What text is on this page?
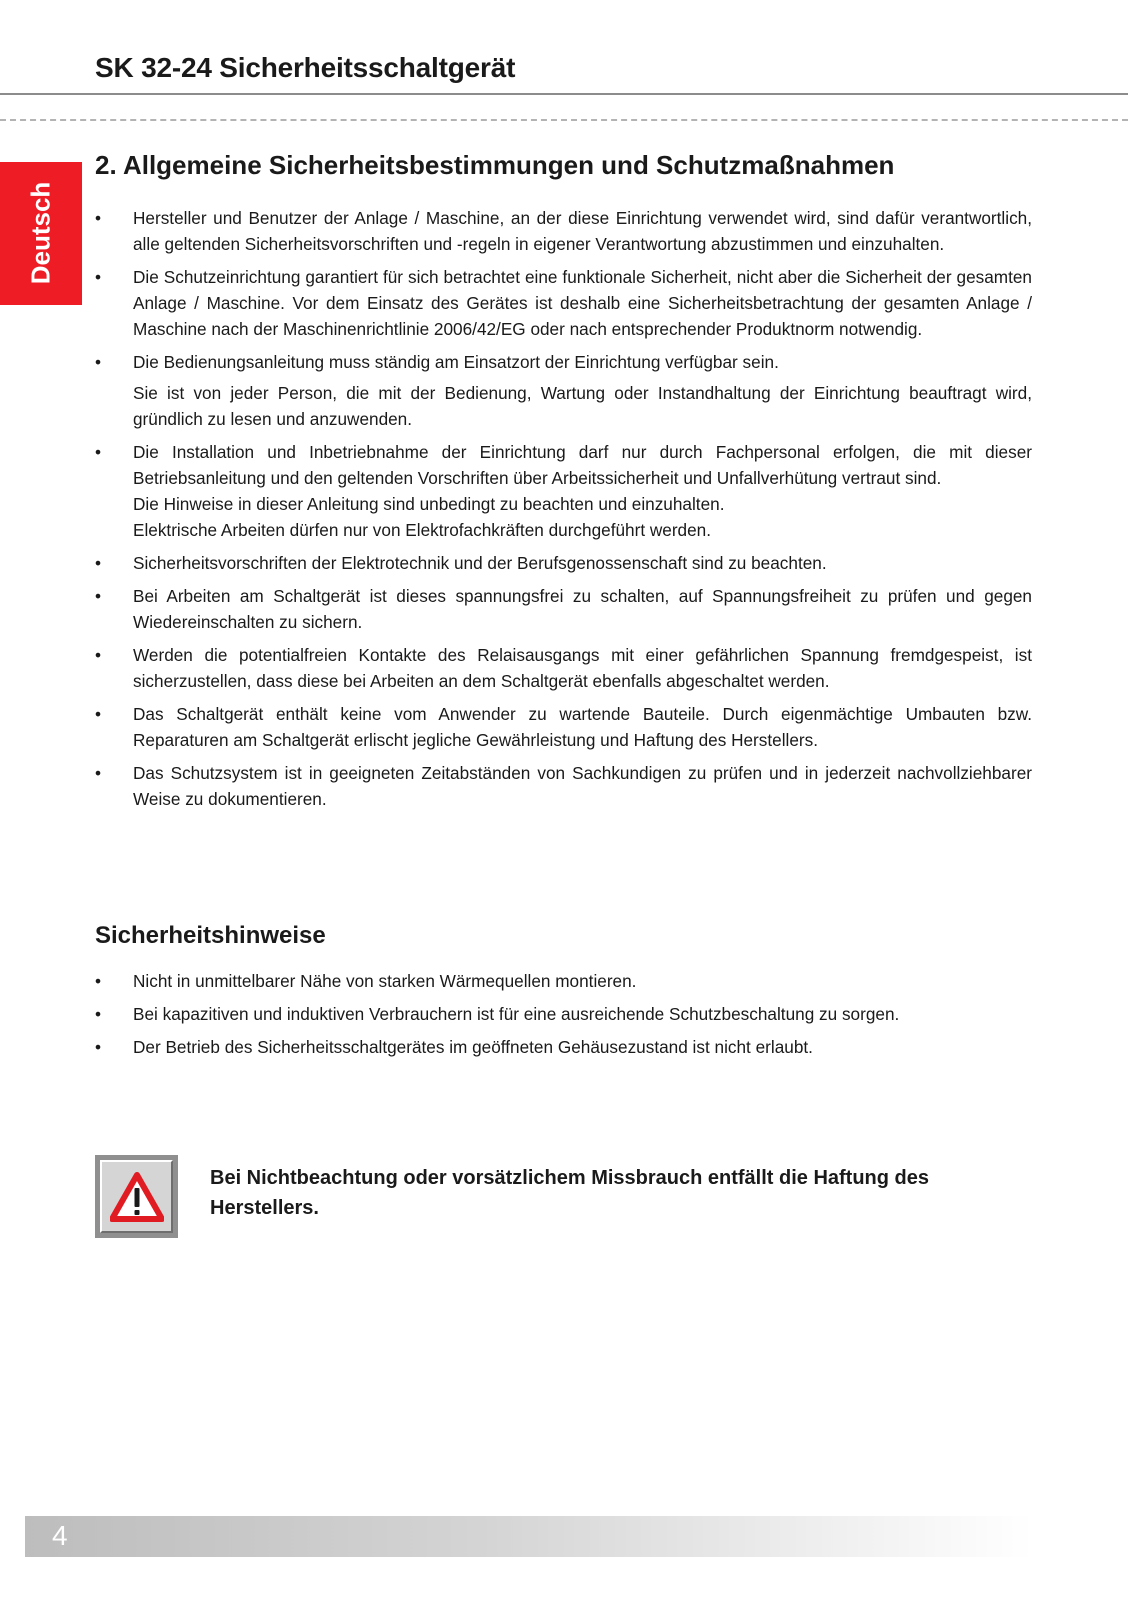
SK 32-24 Sicherheitsschaltgerät
Deutsch
2. Allgemeine Sicherheitsbestimmungen und Schutzmaßnahmen
• Hersteller und Benutzer der Anlage / Maschine, an der diese Einrichtung verwendet wird, sind dafür verantwortlich, alle geltenden Sicherheitsvorschriften und -regeln in eigener Verantwortung abzustimmen und einzuhalten.

• Die Schutzeinrichtung garantiert für sich betrachtet eine funktionale Sicherheit, nicht aber die Sicherheit der gesamten Anlage / Maschine. Vor dem Einsatz des Gerätes ist deshalb eine Sicherheitsbetrachtung der gesamten Anlage / Maschine nach der Maschinenrichtlinie 2006/42/EG oder nach entsprechender Produktnorm notwendig.

• Die Bedienungsanleitung muss ständig am Einsatzort der Einrichtung verfügbar sein.

Sie ist von jeder Person, die mit der Bedienung, Wartung oder Instandhaltung der Einrichtung beauftragt wird, gründlich zu lesen und anzuwenden.

• Die Installation und Inbetriebnahme der Einrichtung darf nur durch Fachpersonal erfolgen, die mit dieser Betriebsanleitung und den geltenden Vorschriften über Arbeitssicherheit und Unfallverhütung vertraut sind.

Die Hinweise in dieser Anleitung sind unbedingt zu beachten und einzuhalten.

Elektrische Arbeiten dürfen nur von Elektrofachkräften durchgeführt werden.

• Sicherheitsvorschriften der Elektrotechnik und der Berufsgenossenschaft sind zu beachten.

• Bei Arbeiten am Schaltgerät ist dieses spannungsfrei zu schalten, auf Spannungsfreiheit zu prüfen und gegen Wiedereinschalten zu sichern.

• Werden die potentialfreien Kontakte des Relaisausgangs mit einer gefährlichen Spannung fremdgespeist, ist sicherzustellen, dass diese bei Arbeiten an dem Schaltgerät ebenfalls abgeschaltet werden.

• Das Schaltgerät enthält keine vom Anwender zu wartende Bauteile. Durch eigenmächtige Umbauten bzw. Reparaturen am Schaltgerät erlischt jegliche Gewährleistung und Haftung des Herstellers.

• Das Schutzsystem ist in geeigneten Zeitabständen von Sachkundigen zu prüfen und in jederzeit nachvollziehbarer Weise zu dokumentieren.

Sicherheitshinweise
• Nicht in unmittelbarer Nähe von starken Wärmequellen montieren.

• Bei kapazitiven und induktiven Verbrauchern ist für eine ausreichende Schutzbeschaltung zu sorgen.

• Der Betrieb des Sicherheitsschaltgerätes im geöffneten Gehäusezustand ist nicht erlaubt.

Bei Nichtbeachtung oder vorsätzlichem Missbrauch entfällt die Haftung des Herstellers.

4
